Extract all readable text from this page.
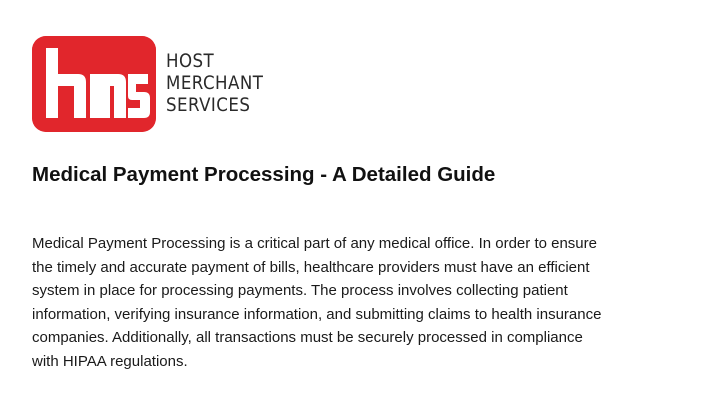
HOST
MERCHANT
SERVICES
Medical Payment Processing - A Detailed Guide

Medical Payment Processing is a critical part of any medical office. In order to ensure
the timely and accurate payment of bills, healthcare providers must have an efficient
system in place for processing payments. The process involves collecting patient
information, verifying insurance information, and submitting claims to health insurance
companies. Additionally, all transactions must be securely processed in compliance
with HIPAA regulations.
